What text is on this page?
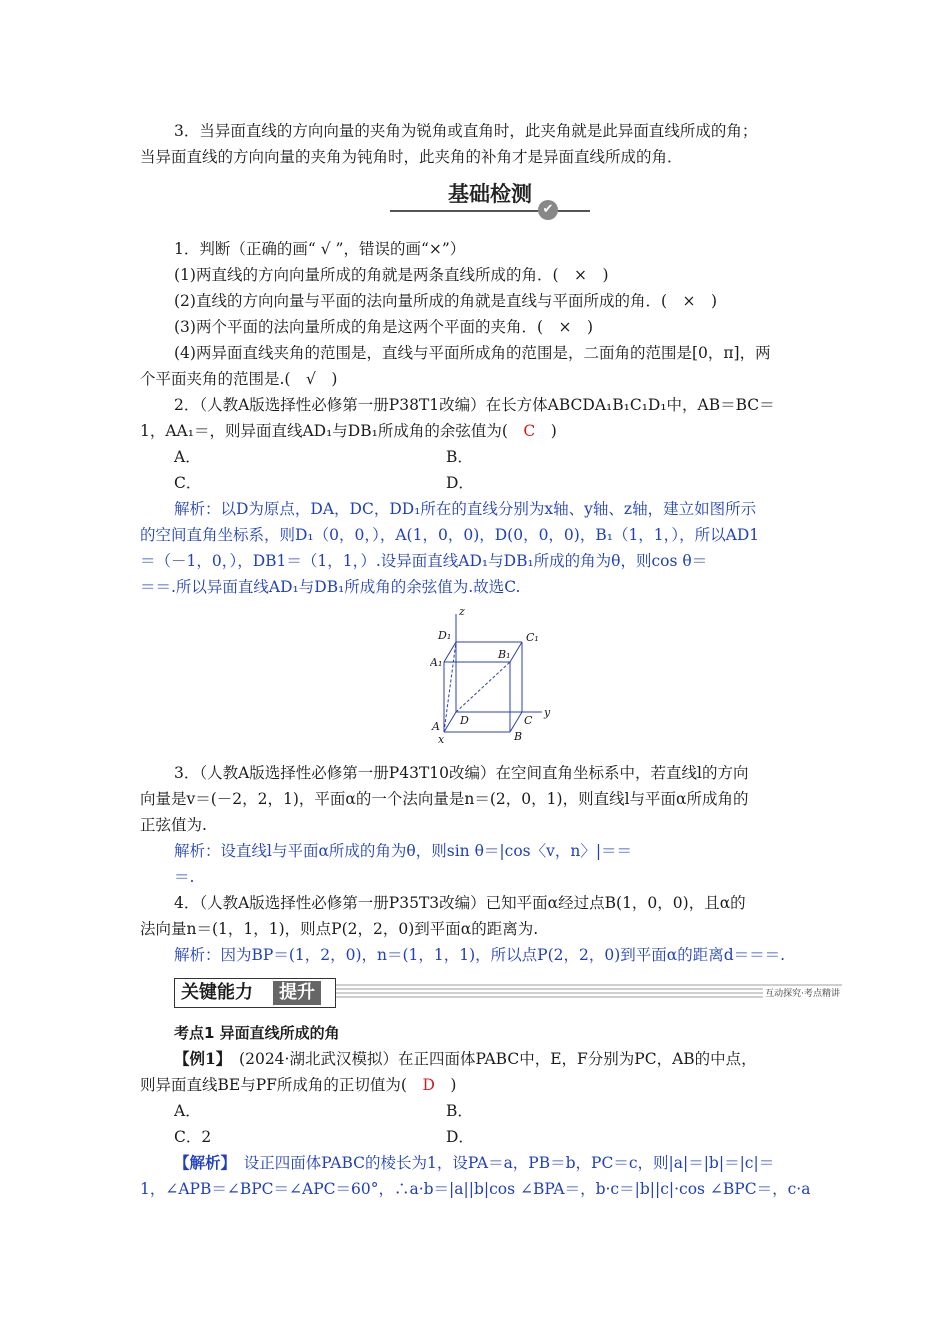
3．当异面直线的方向向量的夹角为锐角或直角时，此夹角就是此异面直线所成的角；
当异面直线的方向向量的夹角为钝角时，此夹角的补角才是异面直线所成的角．
基础检测
✔
1．判断（正确的画“ √ ”，错误的画“×”）
(1)两直线的方向向量所成的角就是两条直线所成的角．(　×　)
(2)直线的方向向量与平面的法向量所成的角就是直线与平面所成的角．(　×　)
(3)两个平面的法向量所成的角是这两个平面的夹角．(　×　)
(4)两异面直线夹角的范围是，直线与平面所成角的范围是，二面角的范围是[0，π]，两
个平面夹角的范围是.(　√　)
2．（人教A版选择性必修第一册P38T1改编）在长方体ABCDA₁B₁C₁D₁中，AB＝BC＝
1，AA₁＝，则异面直线AD₁与DB₁所成角的余弦值为(　C　)
A．	B．
C．	D．
解析：以D为原点，DA，DC，DD₁所在的直线分别为x轴、y轴、z轴，建立如图所示
的空间直角坐标系，则D₁（0，0，），A(1，0，0)，D(0，0，0)，B₁（1，1，），所以AD1
＝（－1，0，），DB1＝（1，1，）.设异面直线AD₁与DB₁所成的角为θ，则cos θ＝
＝＝.所以异面直线AD₁与DB₁所成角的余弦值为.故选C.
z
D₁	C₁
A₁
B₁
A D	C
B
y
x
3．（人教A版选择性必修第一册P43T10改编）在空间直角坐标系中，若直线l的方向
向量是v＝(－2，2，1)，平面α的一个法向量是n＝(2，0，1)，则直线l与平面α所成角的
正弦值为.
解析：设直线l与平面α所成的角为θ，则sin θ＝|cos〈v，n〉|＝＝
＝.
4．（人教A版选择性必修第一册P35T3改编）已知平面α经过点B(1，0，0)，且α的
法向量n＝(1，1，1)，则点P(2，2，0)到平面α的距离为.
解析：因为BP＝(1，2，0)，n＝(1，1，1)，所以点P(2，2，0)到平面α的距离d＝＝＝.
关键能力	提升	互动探究·考点精讲
考点1 异面直线所成的角
【例1】　(2024·湖北武汉模拟）在正四面体PABC中，E，F分别为PC，AB的中点，
则异面直线BE与PF所成角的正切值为(　D　)
A．	B．
C．2	D．
【解析】　设正四面体PABC的棱长为1，设PA＝a，PB＝b，PC＝c，则|a|＝|b|＝|c|＝
1，∠APB＝∠BPC＝∠APC＝60°，∴a·b＝|a||b|cos ∠BPA＝，b·c＝|b||c|·cos ∠BPC＝，c·a
